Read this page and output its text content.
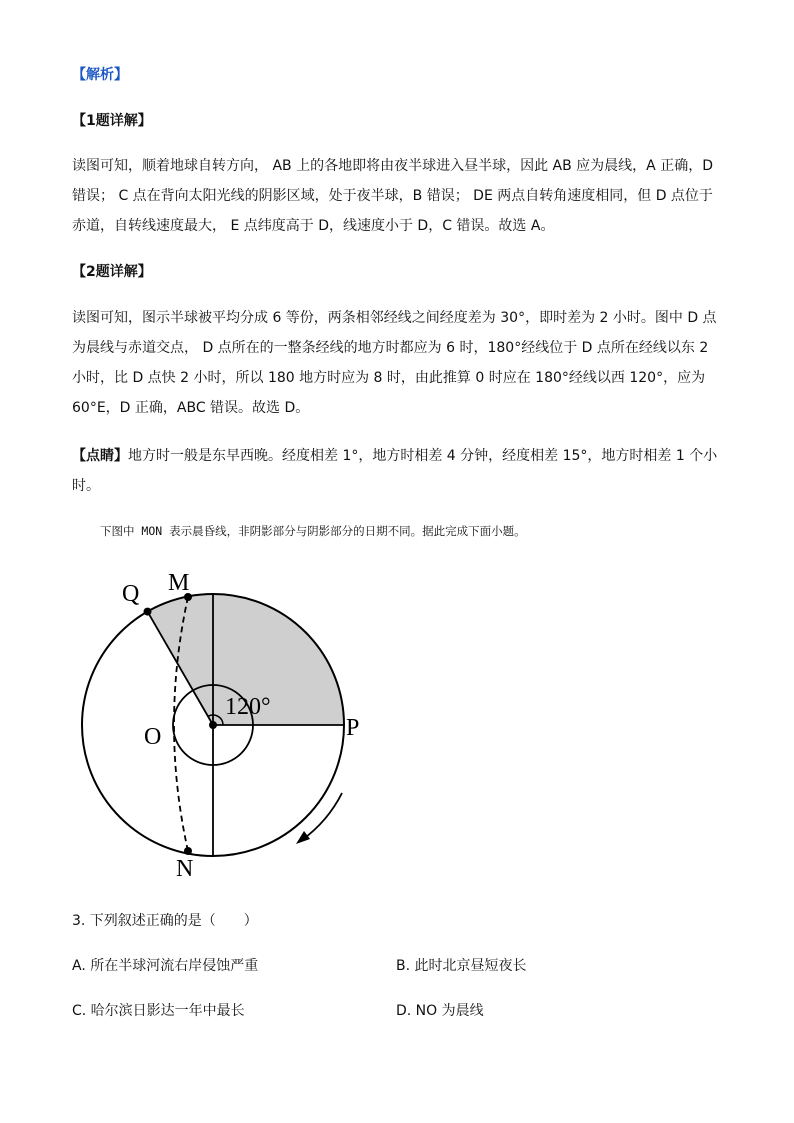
【解析】

【1题详解】

读图可知，顺着地球自转方向， AB 上的各地即将由夜半球进入昼半球，因此 AB 应为晨线，A 正确，D 错误； C 点在背向太阳光线的阴影区域，处于夜半球，B 错误； DE 两点自转角速度相同，但 D 点位于赤道，自转线速度最大， E 点纬度高于 D，线速度小于 D，C 错误。故选 A。

【2题详解】

读图可知，图示半球被平均分成 6 等份，两条相邻经线之间经度差为 30°，即时差为 2 小时。图中 D 点为晨线与赤道交点， D 点所在的一整条经线的地方时都应为 6 时，180°经线位于 D 点所在经线以东 2 小时，比 D 点快 2 小时，所以 180 地方时应为 8 时，由此推算 0 时应在 180°经线以西 120°，应为 60°E，D 正确，ABC 错误。故选 D。

【点睛】地方时一般是东早西晚。经度相差 1°，地方时相差 4 分钟，经度相差 15°，地方时相差 1 个小时。

下图中 MON 表示晨昏线，非阴影部分与阴影部分的日期不同。据此完成下面小题。

Q M
O	P
N
120°

3. 下列叙述正确的是（　　）

A. 所在半球河流右岸侵蚀严重	B. 此时北京昼短夜长

C. 哈尔滨日影达一年中最长	D. NO 为晨线
